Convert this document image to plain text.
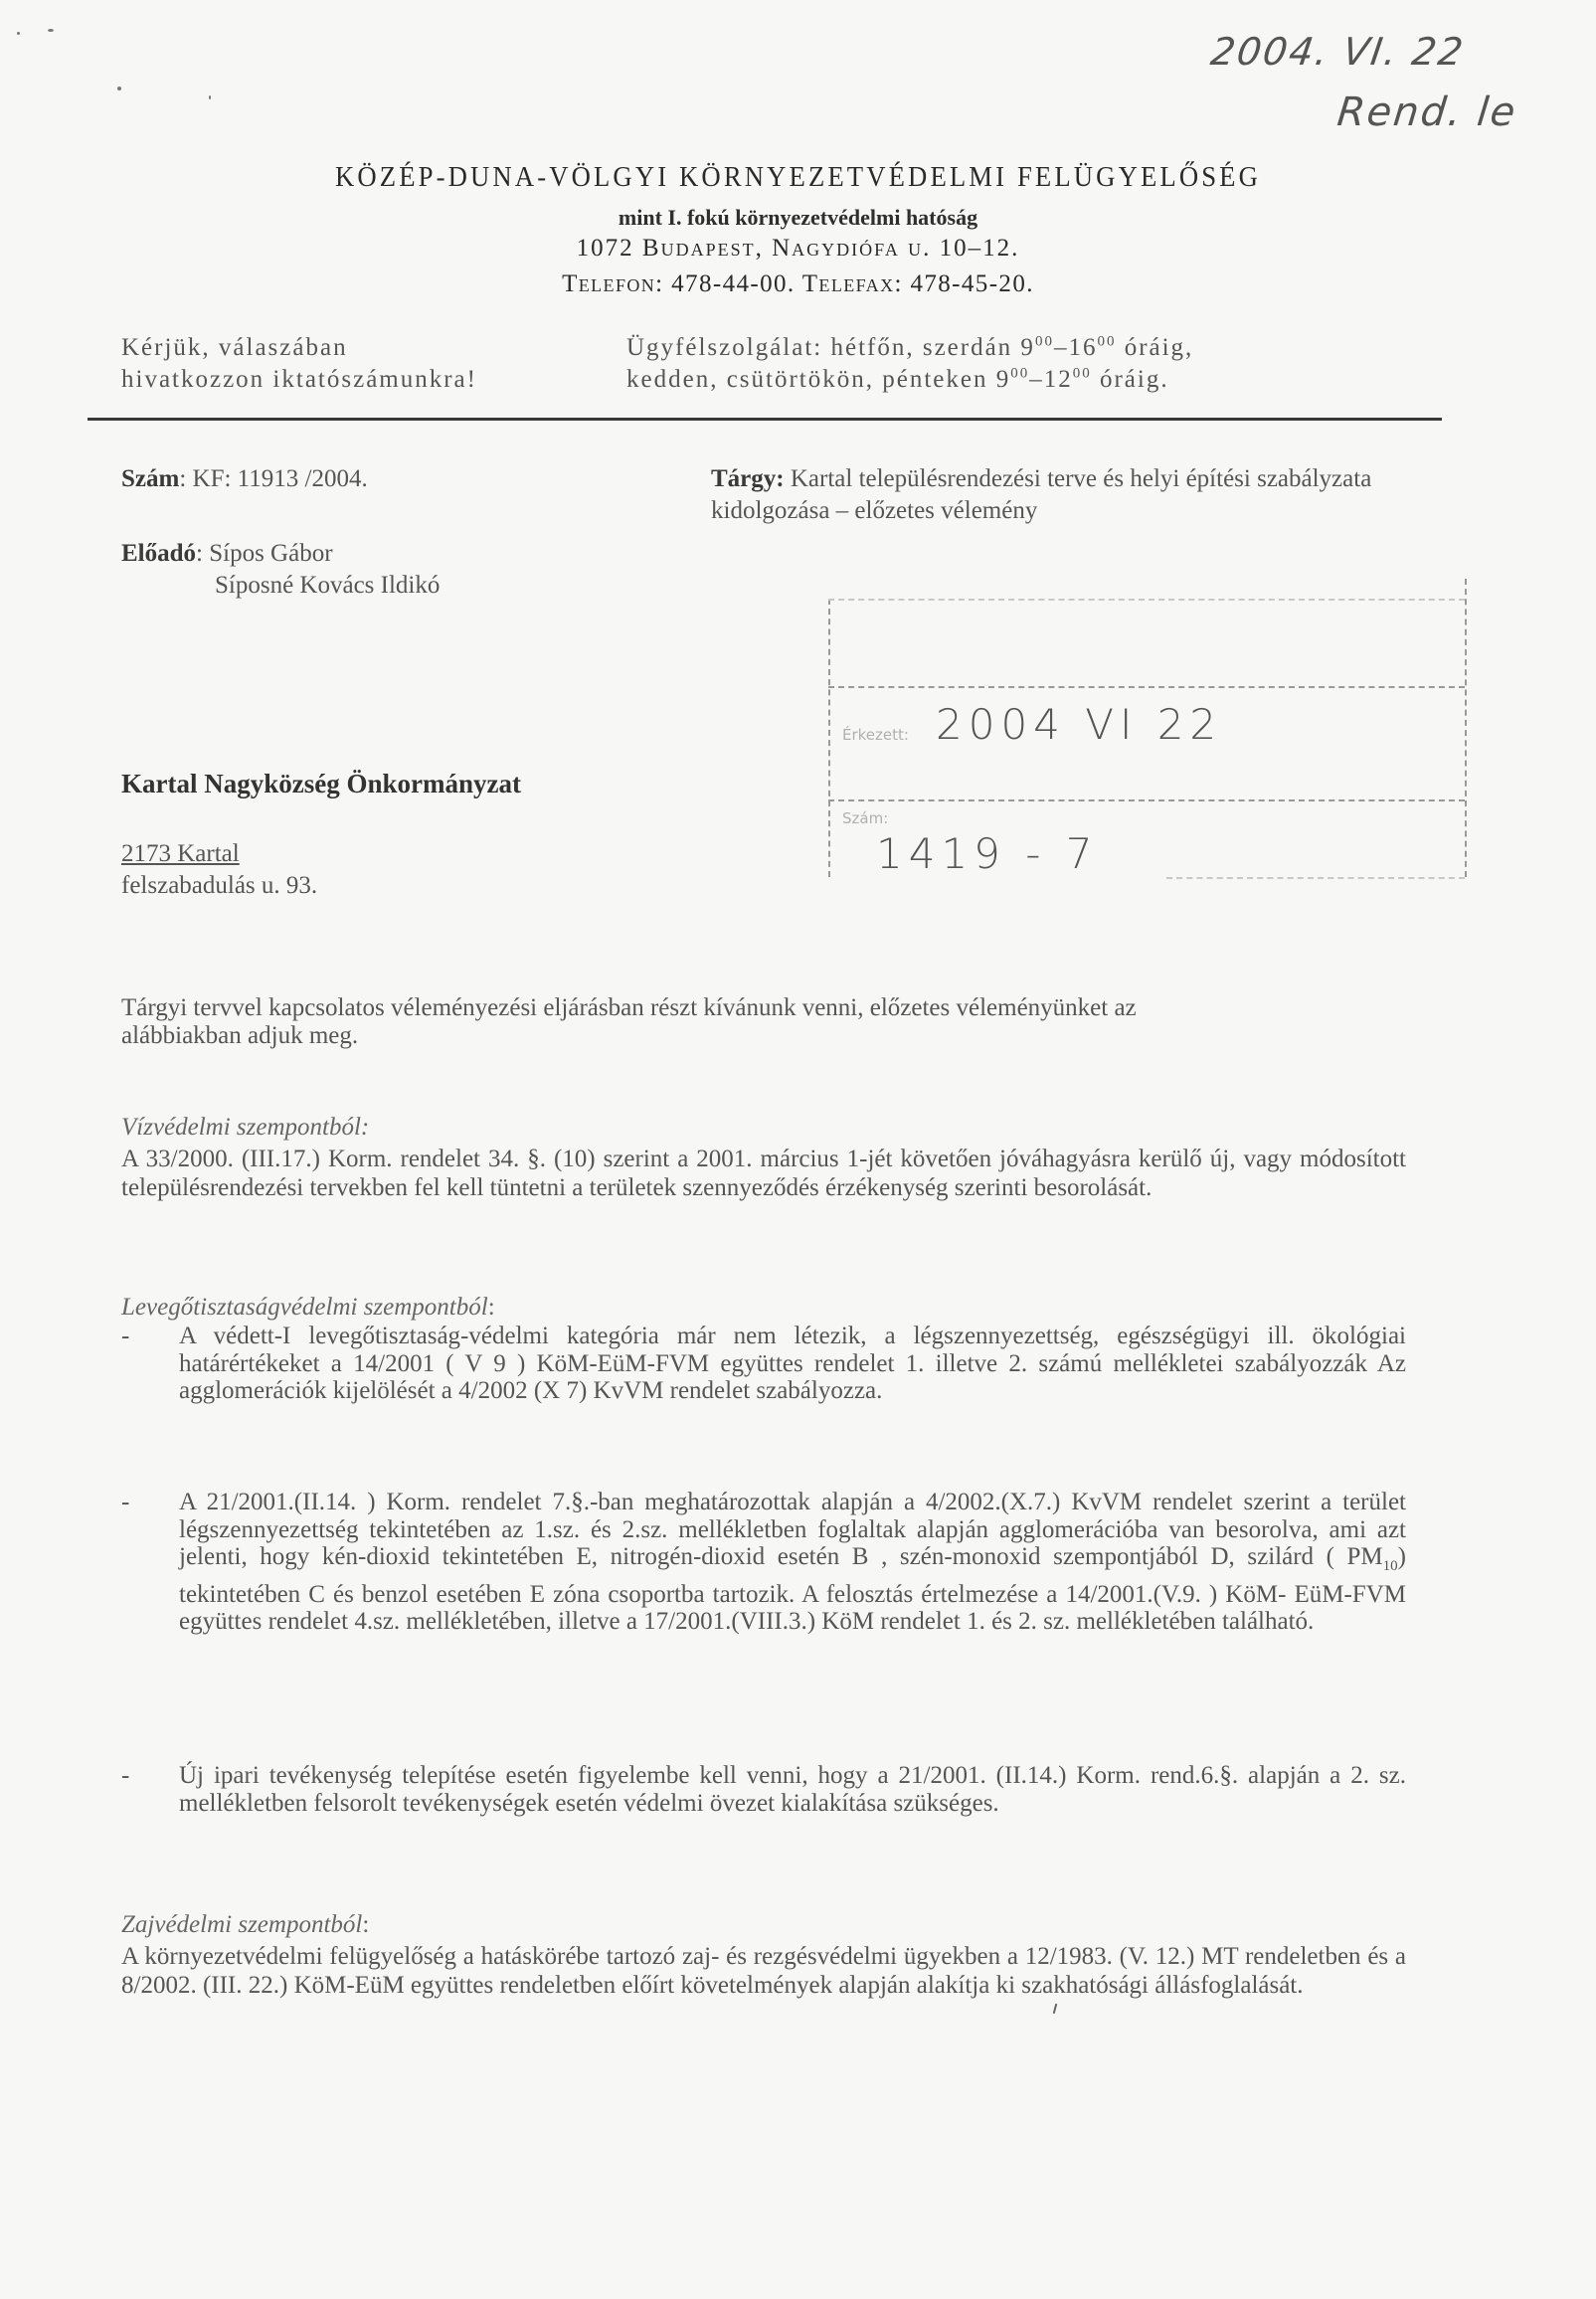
2004. VI. 22
Rend. le
KÖZÉP-DUNA-VÖLGYI KÖRNYEZETVÉDELMI FELÜGYELŐSÉG
mint I. fokú környezetvédelmi hatóság
1072 Budapest, Nagydiófa u. 10–12.
Telefon: 478-44-00. Telefax: 478-45-20.
Kérjük, válaszában
hivatkozzon iktatószámunkra!
Ügyfélszolgálat: hétfőn, szerdán $9^{00}-16^{00}$ óráig,
kedden, csütörtökön, pénteken $9^{00}-12^{00}$ óráig.
Szám: KF: 11913 /2004.	Tárgy: Kartal településrendezési terve és helyi építési szabályzata kidolgozása – előzetes vélemény
Előadó: Sípos Gábor
Síposné Kovács Ildikó
Érkezett: 2004 VI 22
Szám:
1419 - 7
Kartal Nagyközség Önkormányzat
2173 Kartal
felszabadulás u. 93.
Tárgyi tervvel kapcsolatos véleményezési eljárásban részt kívánunk venni, előzetes véleményünket az alábbiakban adjuk meg.
Vízvédelmi szempontból:
A 33/2000. (III.17.) Korm. rendelet 34. §. (10) szerint a 2001. március 1-jét követően jóváhagyásra kerülő új, vagy módosított településrendezési tervekben fel kell tüntetni a területek szennyeződés érzékenység szerinti besorolását.
Levegőtisztaságvédelmi szempontból:
-	A védett-I levegőtisztaság-védelmi kategória már nem létezik, a légszennyezettség, egészségügyi ill. ökológiai határértékeket a 14/2001 ( V 9 ) KöM-EüM-FVM együttes rendelet 1. illetve 2. számú mellékletei szabályozzák Az agglomerációk kijelölését a 4/2002 (X 7) KvVM rendelet szabályozza.
-	A 21/2001.(II.14. ) Korm. rendelet 7.§.-ban meghatározottak alapján a 4/2002.(X.7.) KvVM rendelet szerint a terület légszennyezettség tekintetében az 1.sz. és 2.sz. mellékletben foglaltak alapján agglomerációba van besorolva, ami azt jelenti, hogy kén-dioxid tekintetében E, nitrogén-dioxid esetén B , szén-monoxid szempontjából D, szilárd ( $PM_{10}$) tekintetében C és benzol esetében E zóna csoportba tartozik. A felosztás értelmezése a 14/2001.(V.9. ) KöM- EüM-FVM együttes rendelet 4.sz. mellékletében, illetve a 17/2001.(VIII.3.) KöM rendelet 1. és 2. sz. mellékletében található.
-	Új ipari tevékenység telepítése esetén figyelembe kell venni, hogy a 21/2001. (II.14.) Korm. rend.6.§. alapján a 2. sz. mellékletben felsorolt tevékenységek esetén védelmi övezet kialakítása szükséges.
Zajvédelmi szempontból:
A környezetvédelmi felügyelőség a hatáskörébe tartozó zaj- és rezgésvédelmi ügyekben a 12/1983. (V. 12.) MT rendeletben és a 8/2002. (III. 22.) KöM-EüM együttes rendeletben előírt követelmények alapján alakítja ki szakhatósági állásfoglalását.
